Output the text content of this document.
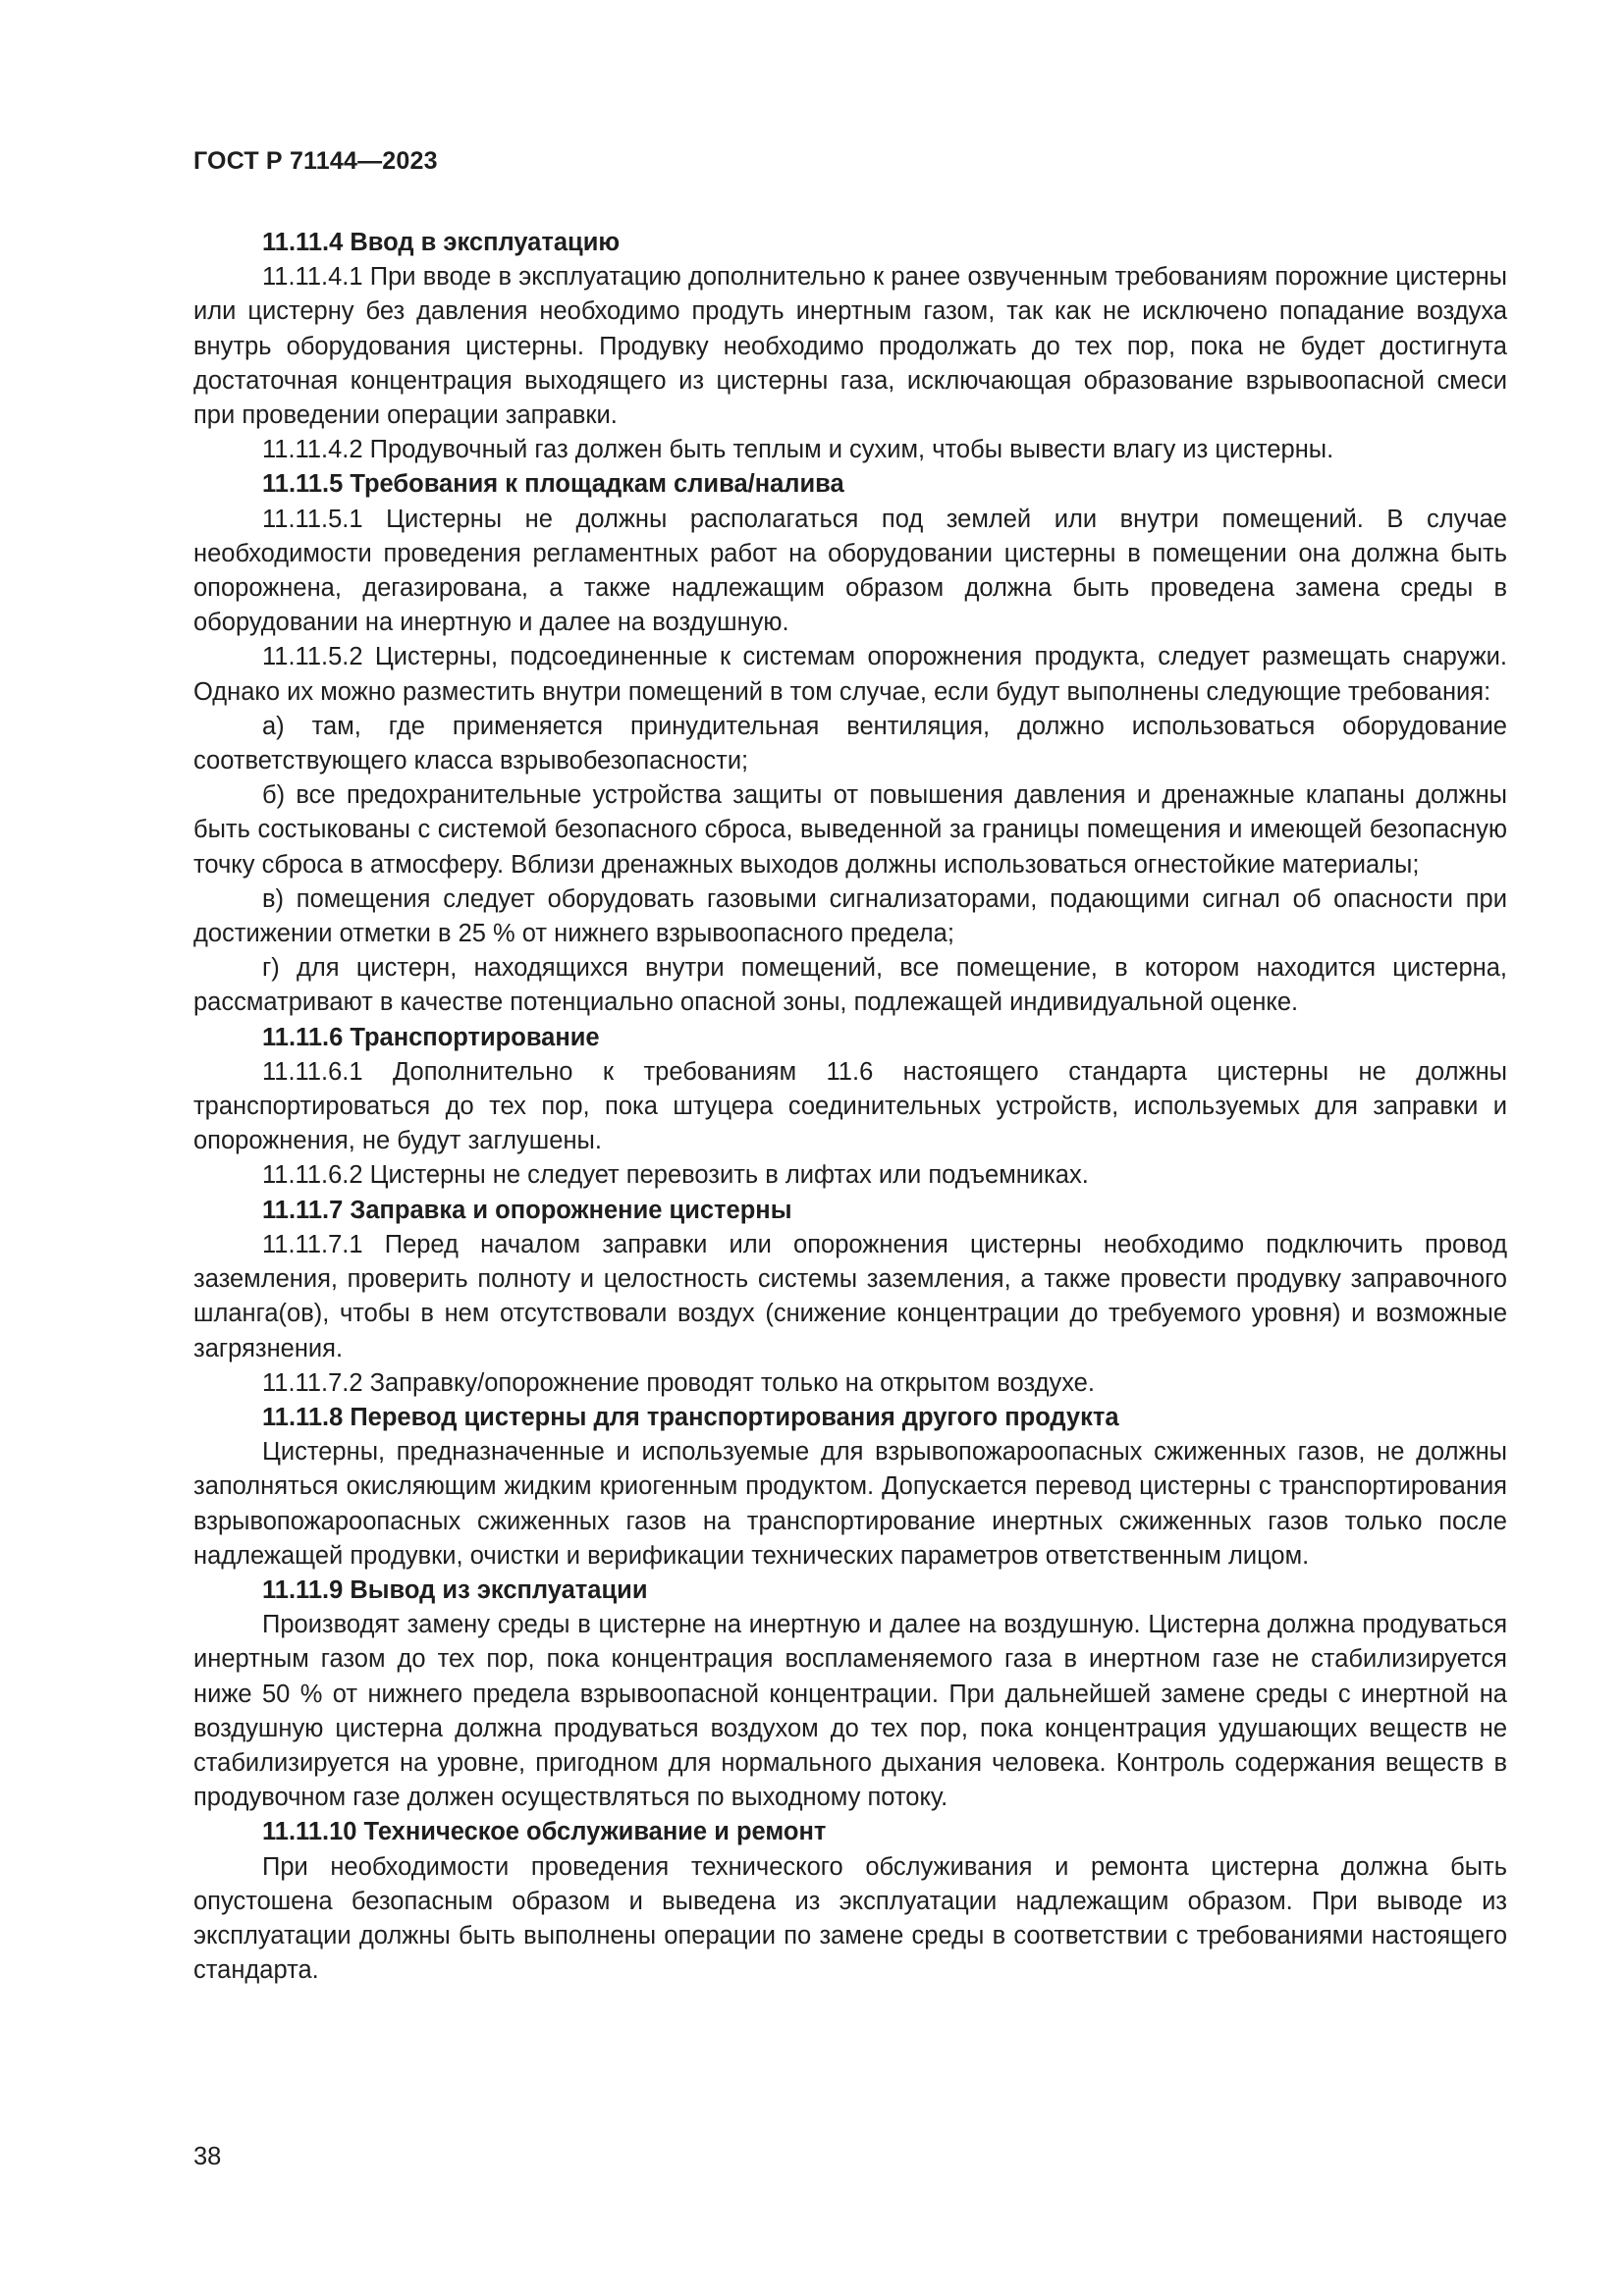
ГОСТ Р 71144—2023

11.11.4 Ввод в эксплуатацию

11.11.4.1 При вводе в эксплуатацию дополнительно к ранее озвученным требованиям порожние цистерны или цистерну без давления необходимо продуть инертным газом, так как не исключено попадание воздуха внутрь оборудования цистерны. Продувку необходимо продолжать до тех пор, пока не будет достигнута достаточная концентрация выходящего из цистерны газа, исключающая образование взрывоопасной смеси при проведении операции заправки.

11.11.4.2 Продувочный газ должен быть теплым и сухим, чтобы вывести влагу из цистерны.

11.11.5 Требования к площадкам слива/налива

11.11.5.1 Цистерны не должны располагаться под землей или внутри помещений. В случае необходимости проведения регламентных работ на оборудовании цистерны в помещении она должна быть опорожнена, дегазирована, а также надлежащим образом должна быть проведена замена среды в оборудовании на инертную и далее на воздушную.

11.11.5.2 Цистерны, подсоединенные к системам опорожнения продукта, следует размещать снаружи. Однако их можно разместить внутри помещений в том случае, если будут выполнены следующие требования:

а) там, где применяется принудительная вентиляция, должно использоваться оборудование соответствующего класса взрывобезопасности;

б) все предохранительные устройства защиты от повышения давления и дренажные клапаны должны быть состыкованы с системой безопасного сброса, выведенной за границы помещения и имеющей безопасную точку сброса в атмосферу. Вблизи дренажных выходов должны использоваться огнестойкие материалы;

в) помещения следует оборудовать газовыми сигнализаторами, подающими сигнал об опасности при достижении отметки в 25 % от нижнего взрывоопасного предела;

г) для цистерн, находящихся внутри помещений, все помещение, в котором находится цистерна, рассматривают в качестве потенциально опасной зоны, подлежащей индивидуальной оценке.

11.11.6 Транспортирование

11.11.6.1 Дополнительно к требованиям 11.6 настоящего стандарта цистерны не должны транспортироваться до тех пор, пока штуцера соединительных устройств, используемых для заправки и опорожнения, не будут заглушены.

11.11.6.2 Цистерны не следует перевозить в лифтах или подъемниках.

11.11.7 Заправка и опорожнение цистерны

11.11.7.1 Перед началом заправки или опорожнения цистерны необходимо подключить провод заземления, проверить полноту и целостность системы заземления, а также провести продувку заправочного шланга(ов), чтобы в нем отсутствовали воздух (снижение концентрации до требуемого уровня) и возможные загрязнения.

11.11.7.2 Заправку/опорожнение проводят только на открытом воздухе.

11.11.8 Перевод цистерны для транспортирования другого продукта

Цистерны, предназначенные и используемые для взрывопожароопасных сжиженных газов, не должны заполняться окисляющим жидким криогенным продуктом. Допускается перевод цистерны с транспортирования взрывопожароопасных сжиженных газов на транспортирование инертных сжиженных газов только после надлежащей продувки, очистки и верификации технических параметров ответственным лицом.

11.11.9 Вывод из эксплуатации

Производят замену среды в цистерне на инертную и далее на воздушную. Цистерна должна продуваться инертным газом до тех пор, пока концентрация воспламеняемого газа в инертном газе не стабилизируется ниже 50 % от нижнего предела взрывоопасной концентрации. При дальнейшей замене среды с инертной на воздушную цистерна должна продуваться воздухом до тех пор, пока концентрация удушающих веществ не стабилизируется на уровне, пригодном для нормального дыхания человека. Контроль содержания веществ в продувочном газе должен осуществляться по выходному потоку.

11.11.10 Техническое обслуживание и ремонт

При необходимости проведения технического обслуживания и ремонта цистерна должна быть опустошена безопасным образом и выведена из эксплуатации надлежащим образом. При выводе из эксплуатации должны быть выполнены операции по замене среды в соответствии с требованиями настоящего стандарта.

38
